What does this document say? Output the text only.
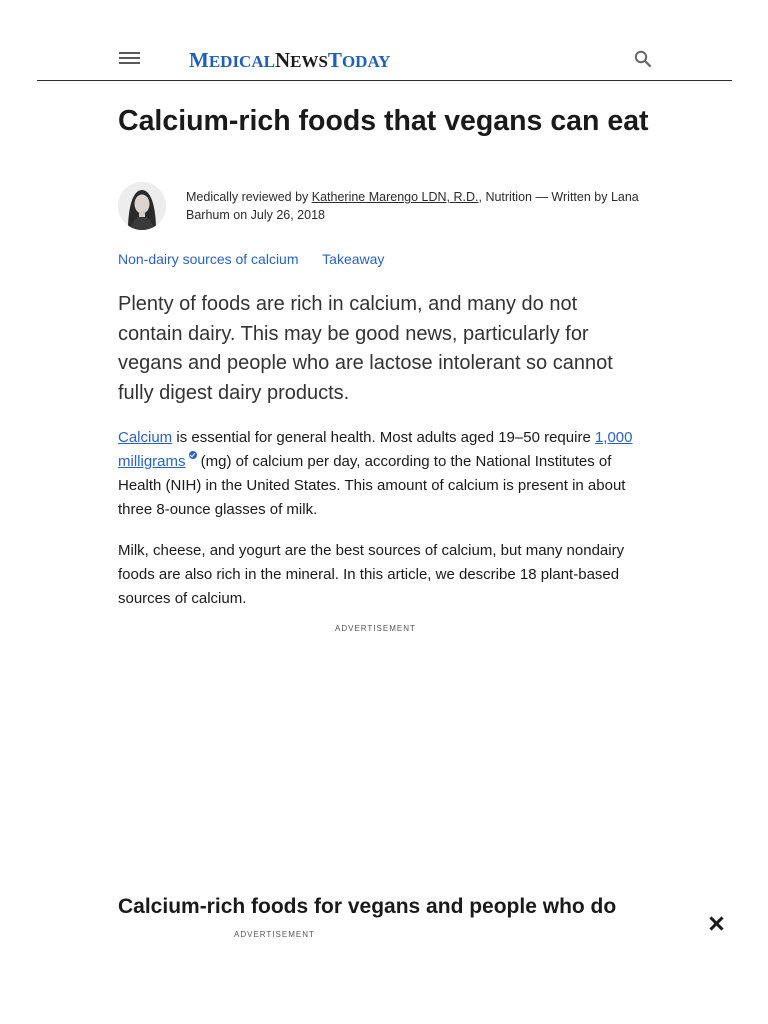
MEDICALNEWSTODAY
Calcium-rich foods that vegans can eat
Medically reviewed by Katherine Marengo LDN, R.D., Nutrition — Written by Lana Barhum on July 26, 2018
Non-dairy sources of calcium Takeaway

Plenty of foods are rich in calcium, and many do not contain dairy. This may be good news, particularly for vegans and people who are lactose intolerant so cannot fully digest dairy products.

Calcium is essential for general health. Most adults aged 19–50 require 1,000 milligrams (mg) of calcium per day, according to the National Institutes of Health (NIH) in the United States. This amount of calcium is present in about three 8-ounce glasses of milk.

Milk, cheese, and yogurt are the best sources of calcium, but many nondairy foods are also rich in the mineral. In this article, we describe 18 plant-based sources of calcium.

ADVERTISEMENT
Calcium-rich foods for vegans and people who do
ADVERTISEMENT
